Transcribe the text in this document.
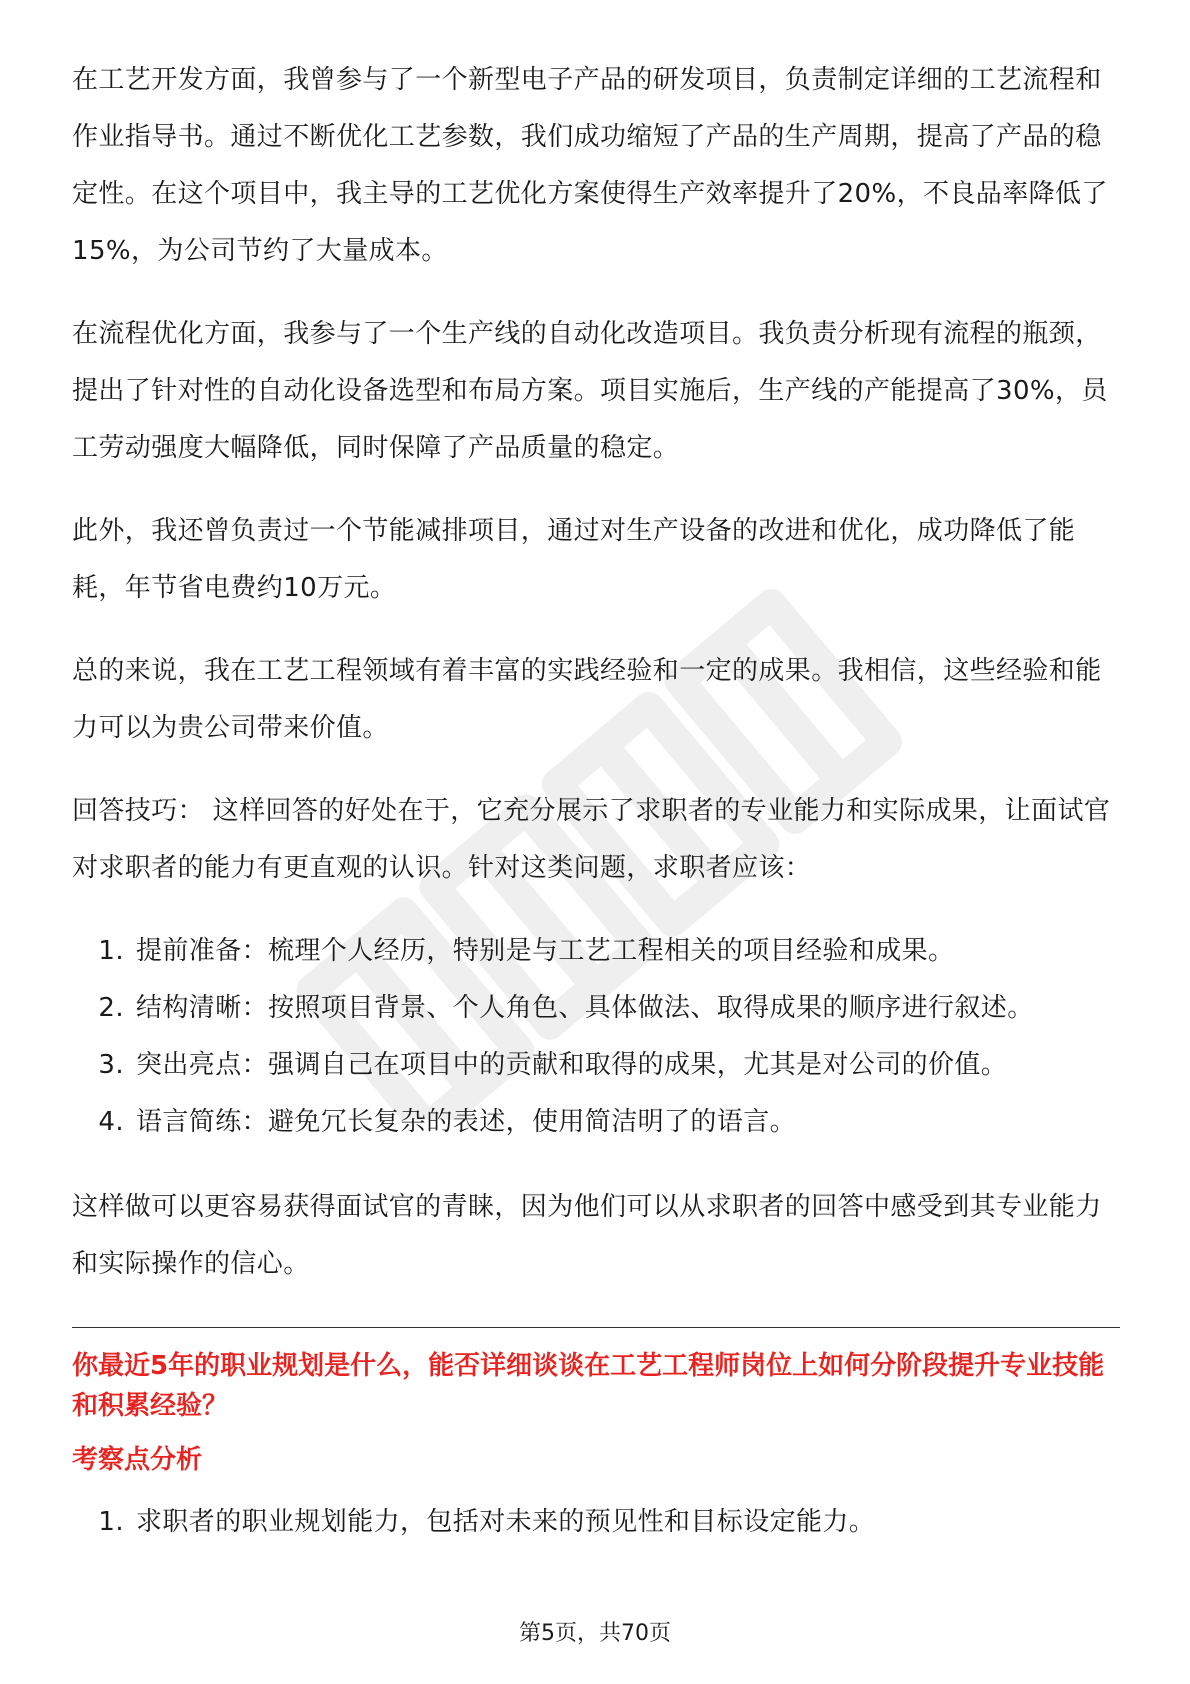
在工艺开发方面，我曾参与了一个新型电子产品的研发项目，负责制定详细的工艺流程和作业指导书。通过不断优化工艺参数，我们成功缩短了产品的生产周期，提高了产品的稳定性。在这个项目中，我主导的工艺优化方案使得生产效率提升了20%，不良品率降低了15%，为公司节约了大量成本。

在流程优化方面，我参与了一个生产线的自动化改造项目。我负责分析现有流程的瓶颈，提出了针对性的自动化设备选型和布局方案。项目实施后，生产线的产能提高了30%，员工劳动强度大幅降低，同时保障了产品质量的稳定。

此外，我还曾负责过一个节能减排项目，通过对生产设备的改进和优化，成功降低了能耗，年节省电费约10万元。

总的来说，我在工艺工程领域有着丰富的实践经验和一定的成果。我相信，这些经验和能力可以为贵公司带来价值。

回答技巧： 这样回答的好处在于，它充分展示了求职者的专业能力和实际成果，让面试官对求职者的能力有更直观的认识。针对这类问题，求职者应该：

1. 提前准备：梳理个人经历，特别是与工艺工程相关的项目经验和成果。
2. 结构清晰：按照项目背景、个人角色、具体做法、取得成果的顺序进行叙述。
3. 突出亮点：强调自己在项目中的贡献和取得的成果，尤其是对公司的价值。
4. 语言简练：避免冗长复杂的表述，使用简洁明了的语言。

这样做可以更容易获得面试官的青睐，因为他们可以从求职者的回答中感受到其专业能力和实际操作的信心。

你最近5年的职业规划是什么，能否详细谈谈在工艺工程师岗位上如何分阶段提升专业技能和积累经验？
考察点分析
1. 求职者的职业规划能力，包括对未来的预见性和目标设定能力。
第5页，共70页
